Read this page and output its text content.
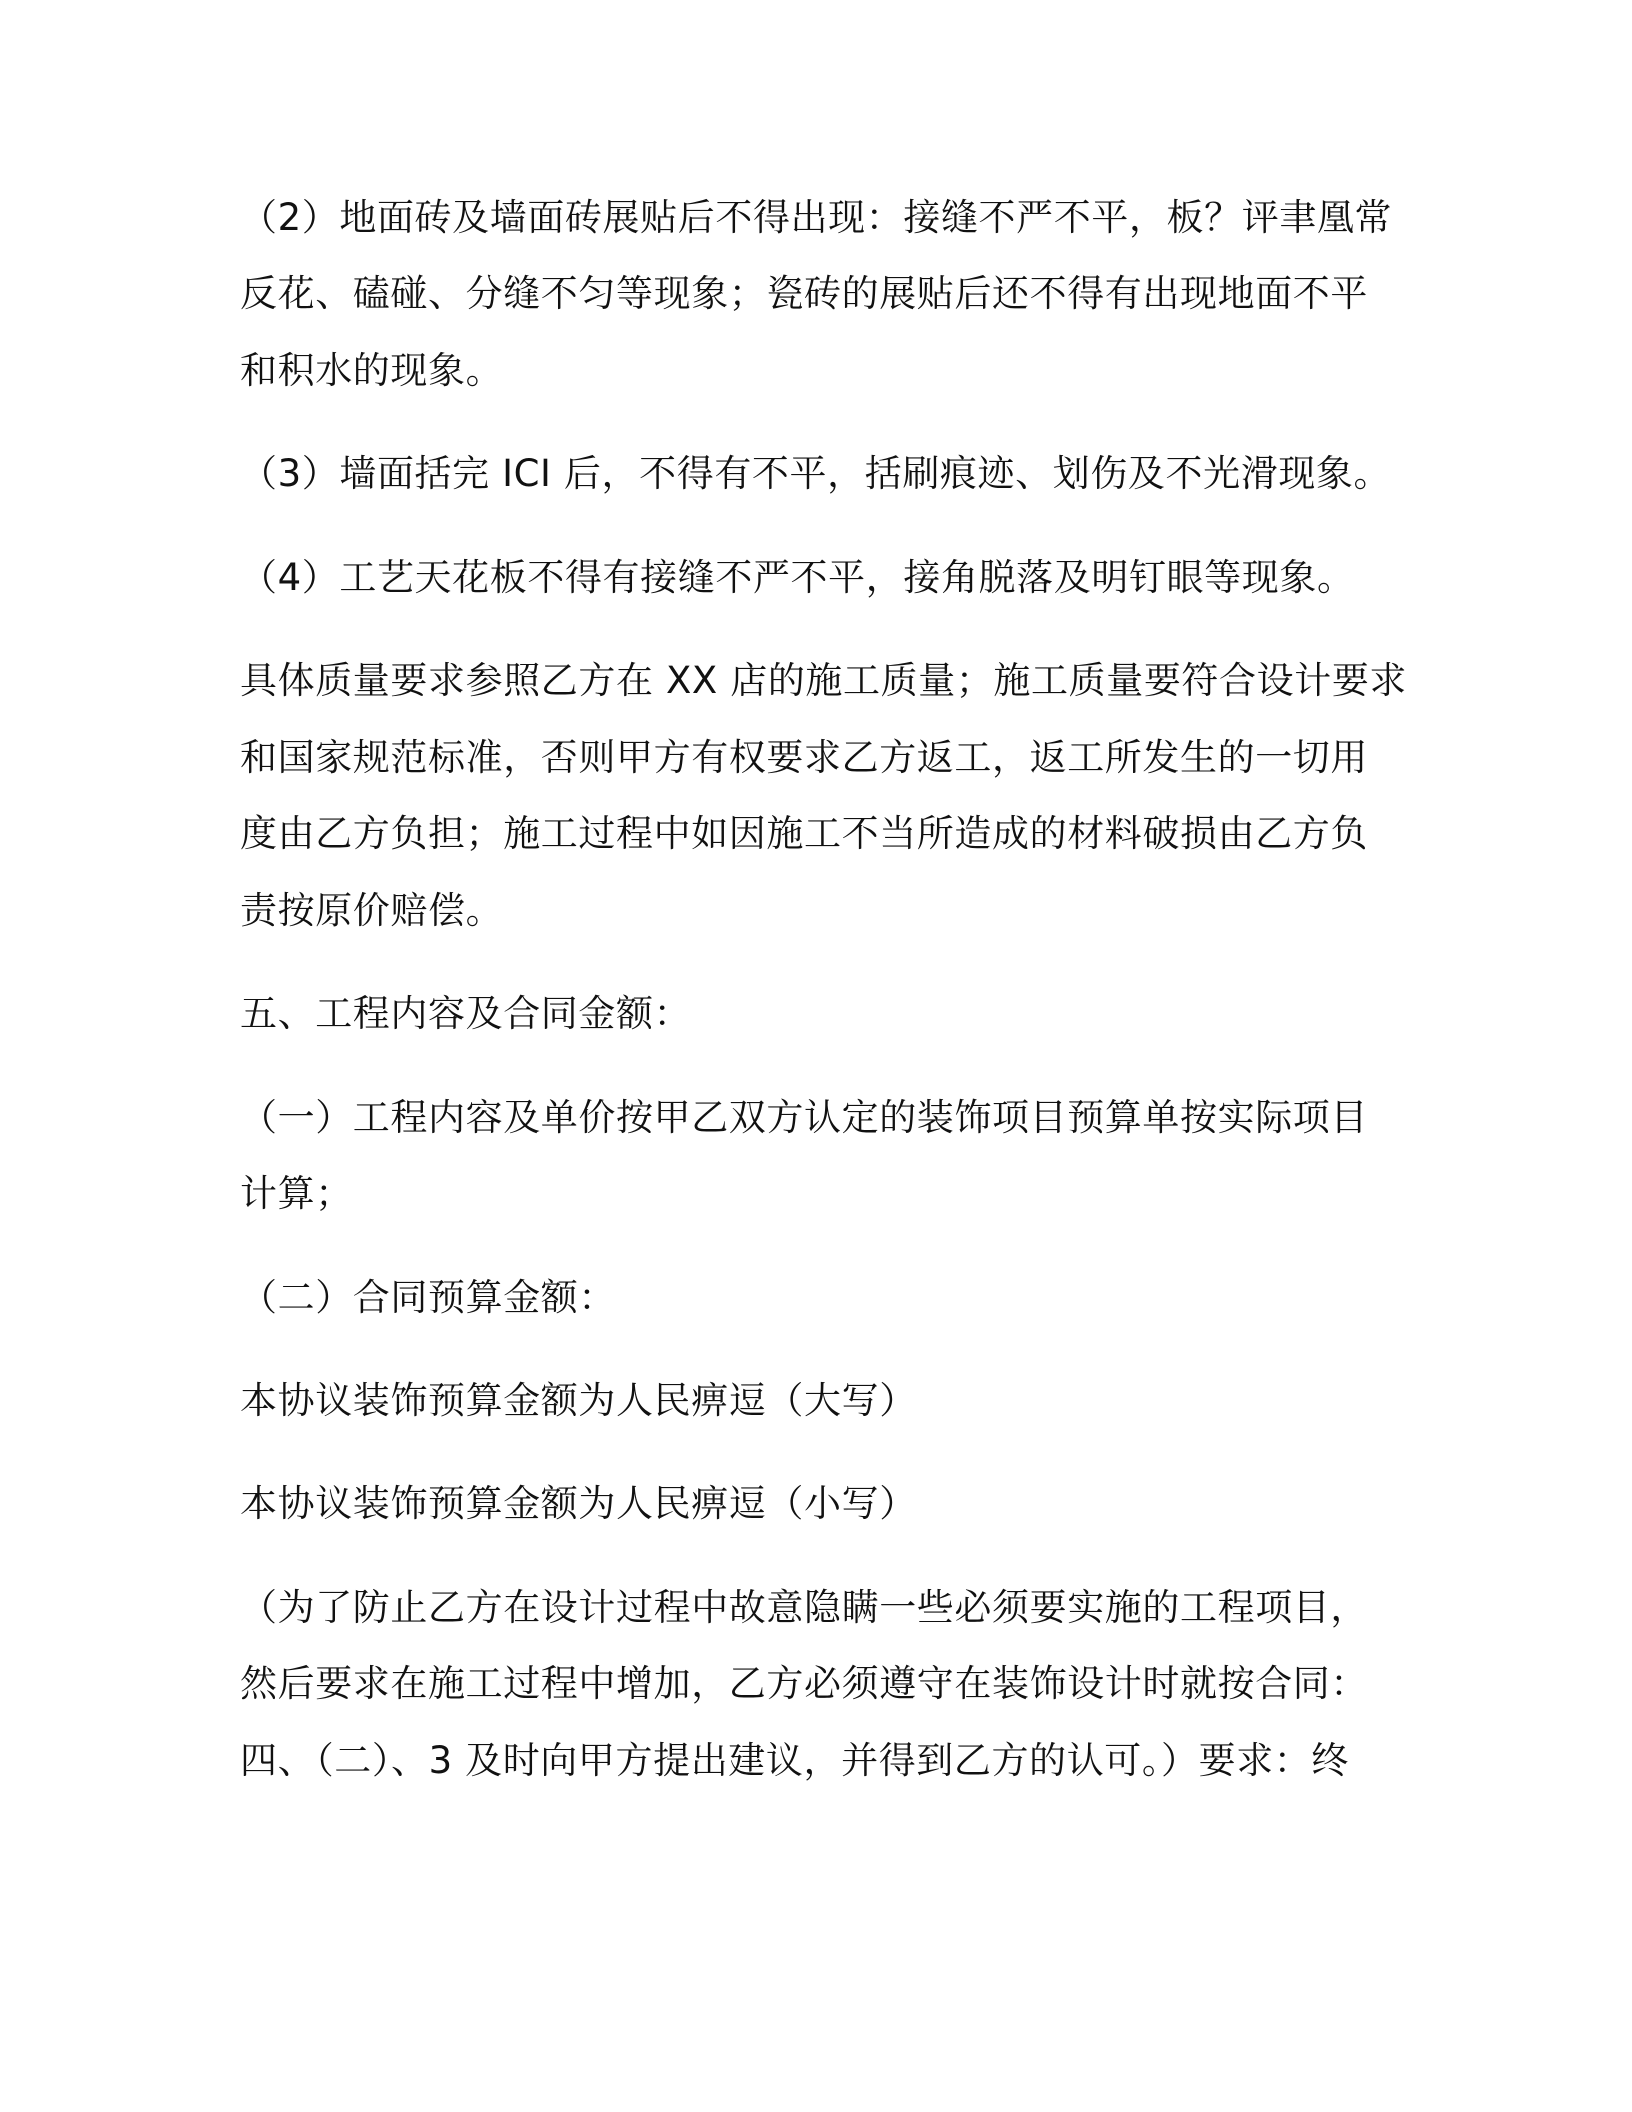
（2）地面砖及墙面砖展贴后不得出现：接缝不严不平，板？评聿凰常
反花、磕碰、分缝不匀等现象；瓷砖的展贴后还不得有出现地面不平
和积水的现象。
（3）墙面括完 ICI 后，不得有不平，括刷痕迹、划伤及不光滑现象。
（4）工艺天花板不得有接缝不严不平，接角脱落及明钉眼等现象。
具体质量要求参照乙方在 XX 店的施工质量；施工质量要符合设计要求
和国家规范标准，否则甲方有权要求乙方返工，返工所发生的一切用
度由乙方负担；施工过程中如因施工不当所造成的材料破损由乙方负
责按原价赔偿。
五、工程内容及合同金额：
（一）工程内容及单价按甲乙双方认定的装饰项目预算单按实际项目
计算；
（二）合同预算金额：
本协议装饰预算金额为人民痹逗（大写）
本协议装饰预算金额为人民痹逗（小写）
（为了防止乙方在设计过程中故意隐瞒一些必须要实施的工程项目，
然后要求在施工过程中增加，乙方必须遵守在装饰设计时就按合同：
四、（二）、3 及时向甲方提出建议，并得到乙方的认可。）要求：终
